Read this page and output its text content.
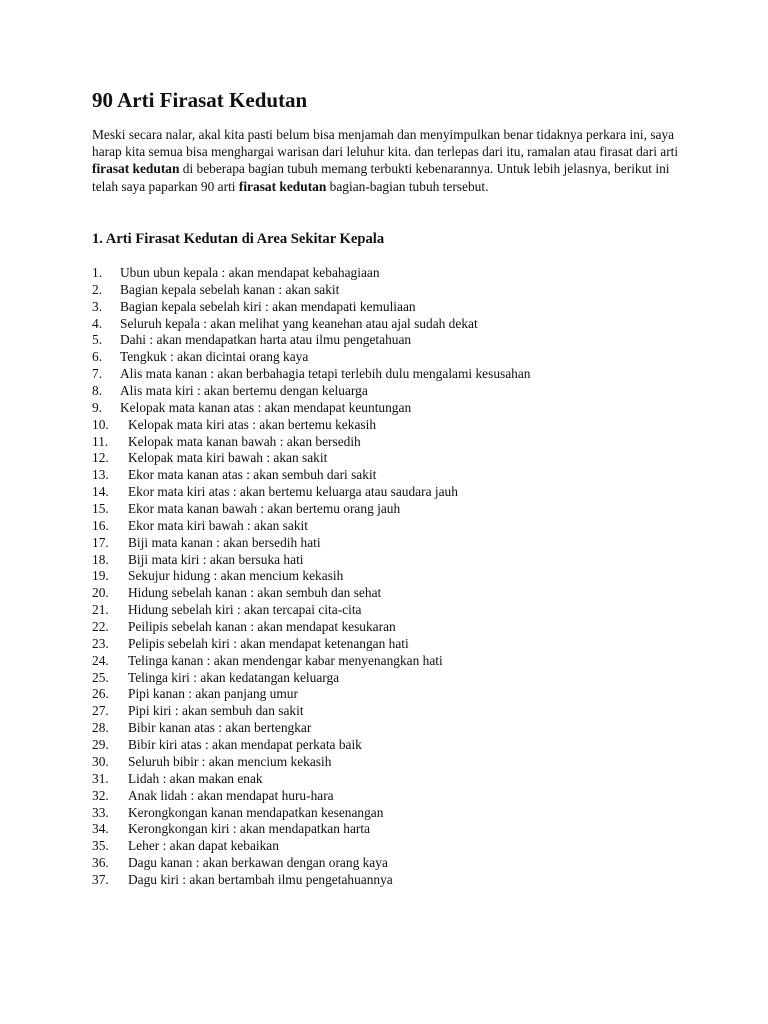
90 Arti Firasat Kedutan

Meski secara nalar, akal kita pasti belum bisa menjamah dan menyimpulkan benar tidaknya perkara ini, saya harap kita semua bisa menghargai warisan dari leluhur kita. dan terlepas dari itu, ramalan atau firasat dari arti firasat kedutan di beberapa bagian tubuh memang terbukti kebenarannya. Untuk lebih jelasnya, berikut ini telah saya paparkan 90 arti firasat kedutan bagian-bagian tubuh tersebut.

1. Arti Firasat Kedutan di Area Sekitar Kepala
1. Ubun ubun kepala : akan mendapat kebahagiaan
2. Bagian kepala sebelah kanan : akan sakit
3. Bagian kepala sebelah kiri : akan mendapati kemuliaan
4. Seluruh kepala : akan melihat yang keanehan atau ajal sudah dekat
5. Dahi : akan mendapatkan harta atau ilmu pengetahuan
6. Tengkuk : akan dicintai orang kaya
7. Alis mata kanan : akan berbahagia tetapi terlebih dulu mengalami kesusahan
8. Alis mata kiri : akan bertemu dengan keluarga
9. Kelopak mata kanan atas : akan mendapat keuntungan
10. Kelopak mata kiri atas : akan bertemu kekasih
11. Kelopak mata kanan bawah : akan bersedih
12. Kelopak mata kiri bawah : akan sakit
13. Ekor mata kanan atas : akan sembuh dari sakit
14. Ekor mata kiri atas : akan bertemu keluarga atau saudara jauh
15. Ekor mata kanan bawah : akan bertemu orang jauh
16. Ekor mata kiri bawah : akan sakit
17. Biji mata kanan : akan bersedih hati
18. Biji mata kiri : akan bersuka hati
19. Sekujur hidung : akan mencium kekasih
20. Hidung sebelah kanan : akan sembuh dan sehat
21. Hidung sebelah kiri : akan tercapai cita-cita
22. Peilipis sebelah kanan : akan mendapat kesukaran
23. Pelipis sebelah kiri : akan mendapat ketenangan hati
24. Telinga kanan : akan mendengar kabar menyenangkan hati
25. Telinga kiri : akan kedatangan keluarga
26. Pipi kanan : akan panjang umur
27. Pipi kiri : akan sembuh dan sakit
28. Bibir kanan atas : akan bertengkar
29. Bibir kiri atas : akan mendapat perkata baik
30. Seluruh bibir : akan mencium kekasih
31. Lidah : akan makan enak
32. Anak lidah : akan mendapat huru-hara
33. Kerongkongan kanan mendapatkan kesenangan
34. Kerongkongan kiri : akan mendapatkan harta
35. Leher : akan dapat kebaikan
36. Dagu kanan : akan berkawan dengan orang kaya
37. Dagu kiri : akan bertambah ilmu pengetahuannya
